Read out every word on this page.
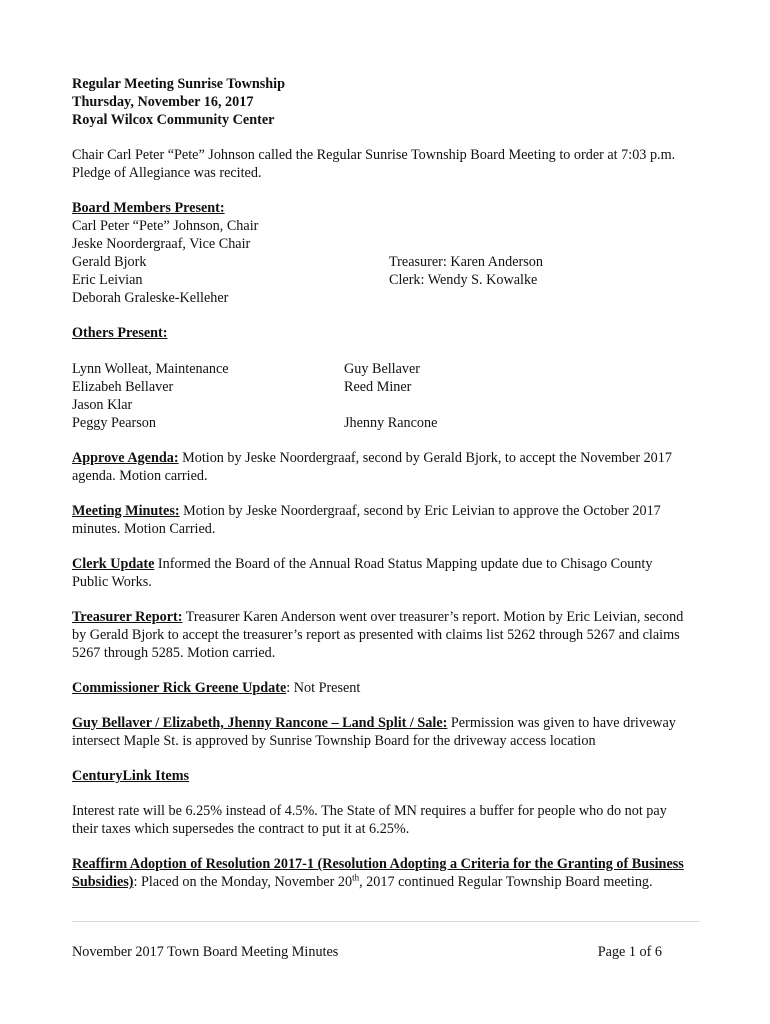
Regular Meeting Sunrise Township
Thursday, November 16, 2017
Royal Wilcox Community Center

Chair Carl Peter “Pete” Johnson called the Regular Sunrise Township Board Meeting to order at 7:03 p.m. Pledge of Allegiance was recited.

Board Members Present:
Carl Peter “Pete” Johnson, Chair
Jeske Noordergraaf, Vice Chair
Gerald Bjork	Treasurer: Karen Anderson
Eric Leivian	Clerk: Wendy S. Kowalke
Deborah Graleske-Kelleher
Others Present:
Lynn Wolleat, Maintenance	Guy Bellaver
Elizabeh Bellaver	Reed Miner
Jason Klar
Peggy Pearson	Jhenny Rancone

Approve Agenda: Motion by Jeske Noordergraaf, second by Gerald Bjork, to accept the November 2017 agenda. Motion carried.

Meeting Minutes: Motion by Jeske Noordergraaf, second by Eric Leivian to approve the October 2017 minutes. Motion Carried.

Clerk Update Informed the Board of the Annual Road Status Mapping update due to Chisago County Public Works.

Treasurer Report: Treasurer Karen Anderson went over treasurer’s report. Motion by Eric Leivian, second by Gerald Bjork to accept the treasurer’s report as presented with claims list 5262 through 5267 and claims 5267 through 5285. Motion carried.

Commissioner Rick Greene Update: Not Present

Guy Bellaver / Elizabeth, Jhenny Rancone – Land Split / Sale: Permission was given to have driveway intersect Maple St. is approved by Sunrise Township Board for the driveway access location

CenturyLink Items

Interest rate will be 6.25% instead of 4.5%. The State of MN requires a buffer for people who do not pay their taxes which supersedes the contract to put it at 6.25%.

Reaffirm Adoption of Resolution 2017-1 (Resolution Adopting a Criteria for the Granting of Business Subsidies): Placed on the Monday, November 20th, 2017 continued Regular Township Board meeting.

November 2017 Town Board Meeting Minutes	Page 1 of 6
